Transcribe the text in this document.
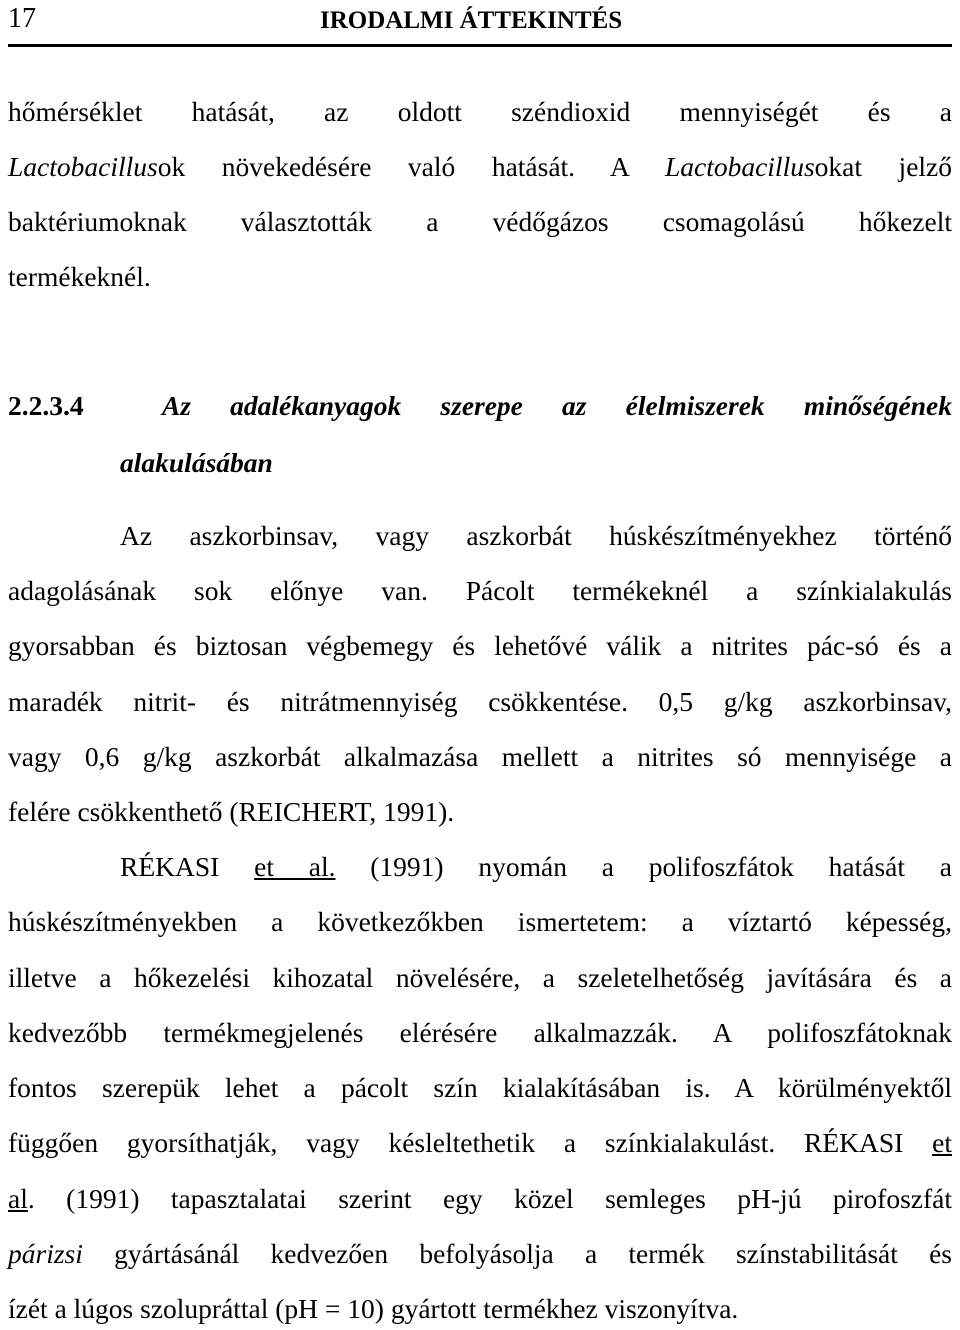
17	IRODALMI ÁTTEKINTÉS
hőmérséklet hatását, az oldott széndioxid mennyiségét és a
Lactobacillusok növekedésére való hatását. A Lactobacillusokat jelző
baktériumoknak választották a védőgázos csomagolású hőkezelt
termékeknél.
2.2.3.4	Az adalékanyagok szerepe az élelmiszerek minőségének
alakulásában
Az aszkorbinsav, vagy aszkorbát húskészítményekhez történő
adagolásának sok előnye van. Pácolt termékeknél a színkialakulás
gyorsabban és biztosan végbemegy és lehetővé válik a nitrites pác-só és a
maradék nitrit- és nitrátmennyiség csökkentése. 0,5 g/kg aszkorbinsav,
vagy 0,6 g/kg aszkorbát alkalmazása mellett a nitrites só mennyisége a
felére csökkenthető (REICHERT, 1991).
RÉKASI et al. (1991) nyomán a polifoszfátok hatását a
húskészítményekben a következőkben ismertetem: a víztartó képesség,
illetve a hőkezelési kihozatal növelésére, a szeletelhetőség javítására és a
kedvezőbb termékmegjelenés elérésére alkalmazzák. A polifoszfátoknak
fontos szerepük lehet a pácolt szín kialakításában is. A körülményektől
függően gyorsíthatják, vagy késleltethetik a színkialakulást. RÉKASI et
al. (1991) tapasztalatai szerint egy közel semleges pH-jú pirofoszfát
párizsi gyártásánál kedvezően befolyásolja a termék színstabilitását és
ízét a lúgos szolupráttal (pH = 10) gyártott termékhez viszonyítva.
